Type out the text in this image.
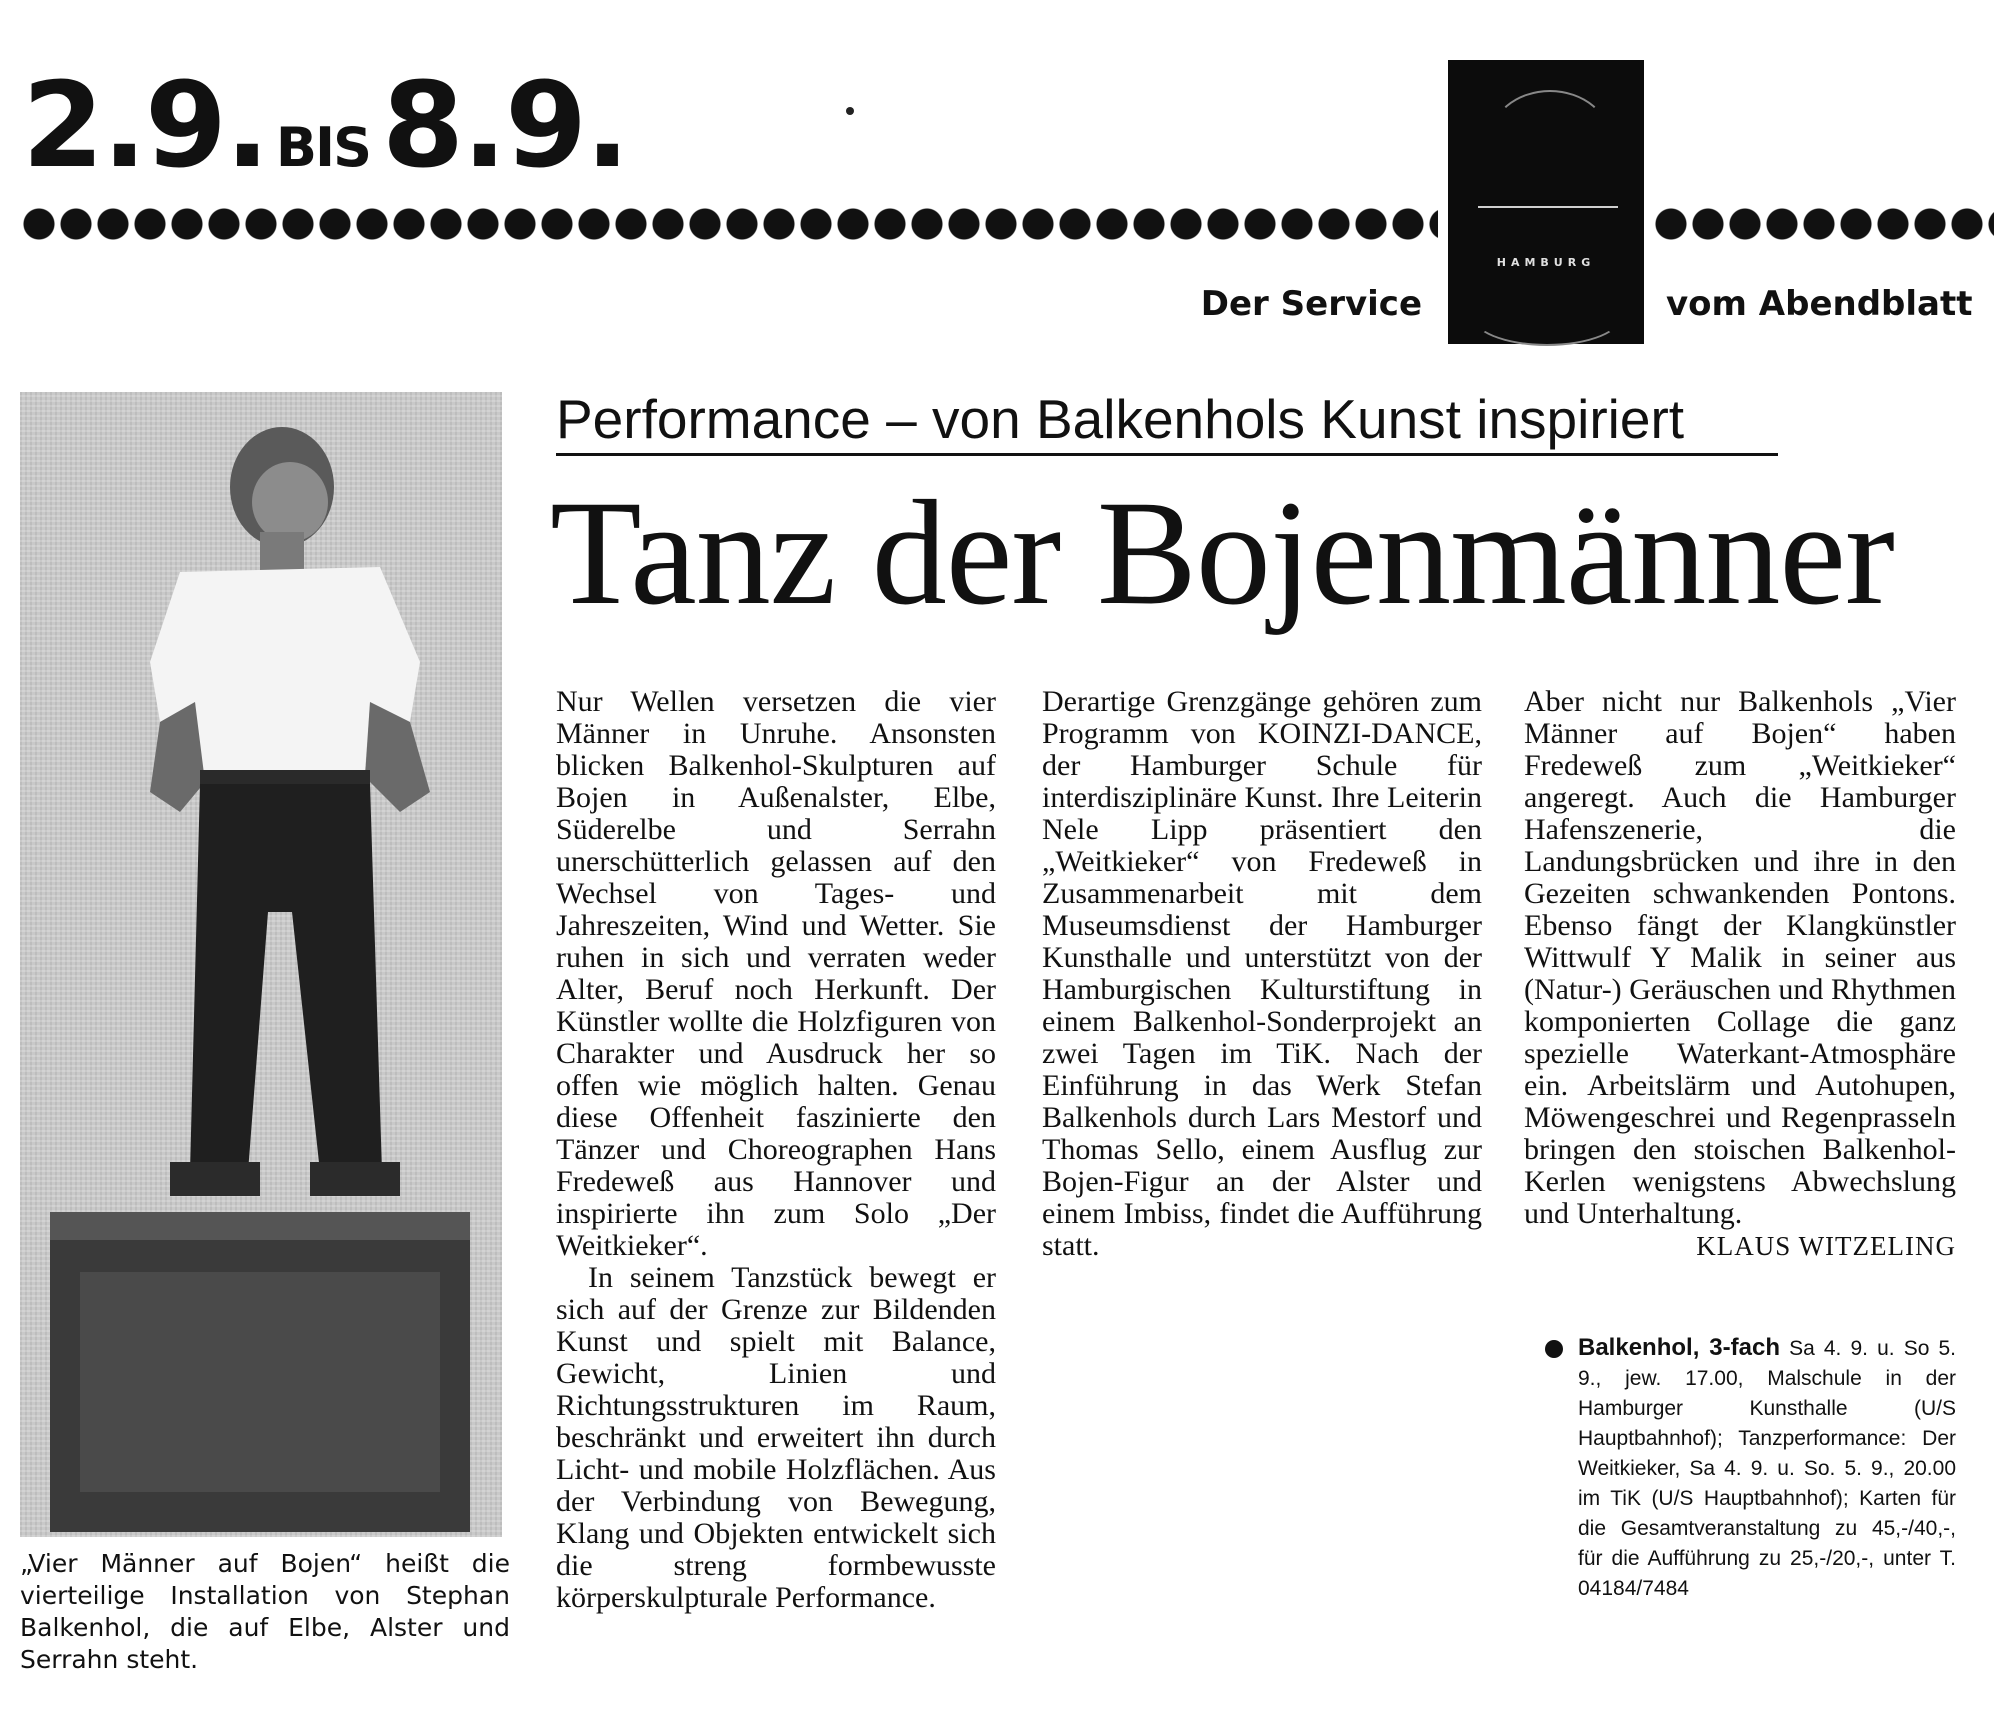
2.9. BIS 8.9.
HAMBURG
Der Service	vom Abendblatt
„Vier Männer auf Bojen“ heißt die vierteilige Installation von Stephan Balkenhol, die auf Elbe, Alster und Serrahn steht.
Performance – von Balkenhols Kunst inspiriert
Tanz der Bojenmänner

Nur Wellen versetzen die vier Männer in Unruhe. Ansonsten blicken Balkenhol-Skulpturen auf Bojen in Außenalster, Elbe, Süderelbe und Serrahn unerschütterlich gelassen auf den Wechsel von Tages- und Jahreszeiten, Wind und Wetter. Sie ruhen in sich und verraten weder Alter, Beruf noch Herkunft. Der Künstler wollte die Holzfiguren von Charakter und Ausdruck her so offen wie möglich halten. Genau diese Offenheit faszinierte den Tänzer und Choreographen Hans Fredeweß aus Hannover und inspirierte ihn zum Solo „Der Weitkieker“.

In seinem Tanzstück bewegt er sich auf der Grenze zur Bildenden Kunst und spielt mit Balance, Gewicht, Linien und Richtungsstrukturen im Raum, beschränkt und erweitert ihn durch Licht- und mobile Holzflächen. Aus der Verbindung von Bewegung, Klang und Objekten entwickelt sich die streng formbewusste körperskulpturale Performance.

Derartige Grenzgänge gehören zum Programm von KOINZI-DANCE, der Hamburger Schule für interdisziplinäre Kunst. Ihre Leiterin Nele Lipp präsentiert den „Weitkieker“ von Fredeweß in Zusammenarbeit mit dem Museumsdienst der Hamburger Kunsthalle und unterstützt von der Hamburgischen Kulturstiftung in einem Balkenhol-Sonderprojekt an zwei Tagen im TiK. Nach der Einführung in das Werk Stefan Balkenhols durch Lars Mestorf und Thomas Sello, einem Ausflug zur Bojen-Figur an der Alster und einem Imbiss, findet die Aufführung statt.

Aber nicht nur Balkenhols „Vier Männer auf Bojen“ haben Fredeweß zum „Weitkieker“ angeregt. Auch die Hamburger Hafenszenerie, die Landungsbrücken und ihre in den Gezeiten schwankenden Pontons. Ebenso fängt der Klangkünstler Wittwulf Y Malik in seiner aus (Natur-) Geräuschen und Rhythmen komponierten Collage die ganz spezielle Waterkant-Atmosphäre ein. Arbeitslärm und Autohupen, Möwengeschrei und Regenprasseln bringen den stoischen Balkenhol-Kerlen wenigstens Abwechslung und Unterhaltung.

KLAUS WITZELING

Balkenhol, 3-fach Sa 4. 9. u. So 5. 9., jew. 17.00, Malschule in der Hamburger Kunsthalle (U/S Hauptbahnhof); Tanzperformance: Der Weitkieker, Sa 4. 9. u. So. 5. 9., 20.00 im TiK (U/S Hauptbahnhof); Karten für die Gesamtveranstaltung zu 45,-/40,-, für die Aufführung zu 25,-/20,-, unter T. 04184/7484
